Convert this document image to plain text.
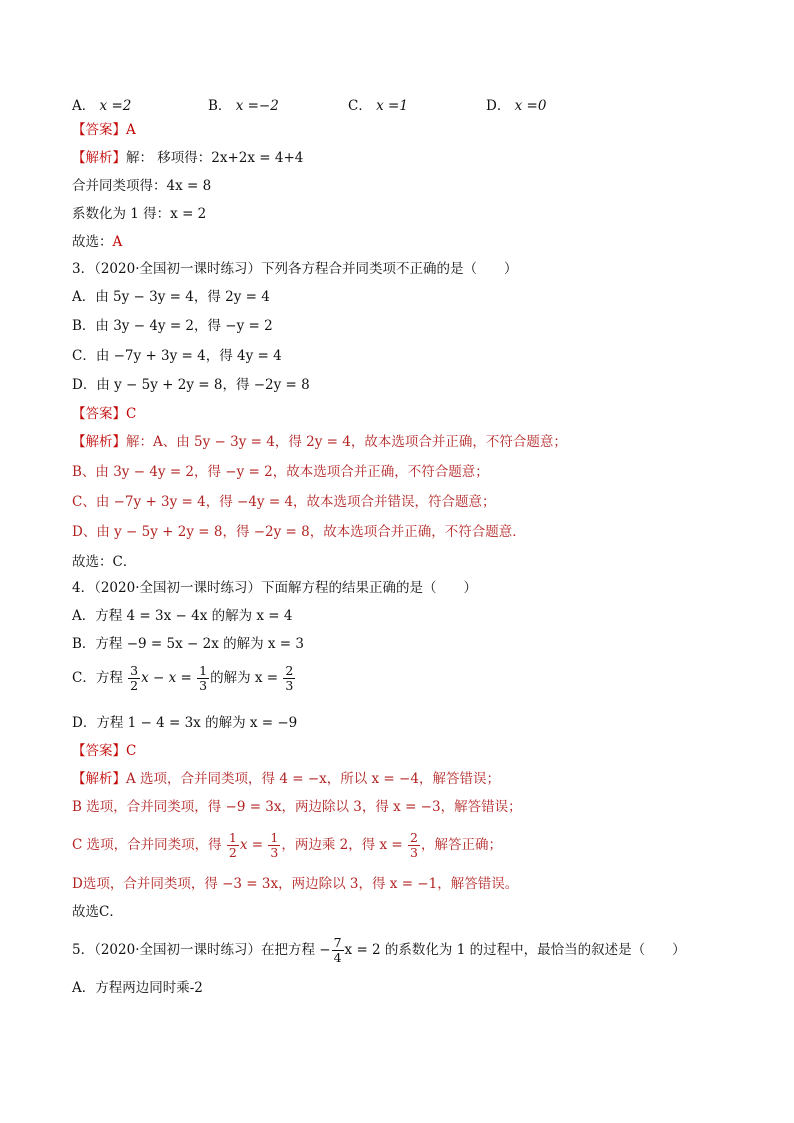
A． x =2	B． x =−2	C． x =1	D． x =0
【答案】A
【解析】解： 移项得：2x+2x = 4+4
合并同类项得：4x = 8
系数化为 1 得：x = 2
故选：A
3．（2020·全国初一课时练习）下列各方程合并同类项不正确的是（　　）
A．由 5y − 3y = 4，得 2y = 4
B．由 3y − 4y = 2，得 −y = 2
C．由 −7y + 3y = 4，得 4y = 4
D．由 y − 5y + 2y = 8，得 −2y = 8
【答案】C
【解析】解：A、由 5y − 3y = 4，得 2y = 4，故本选项合并正确，不符合题意；
B、由 3y − 4y = 2，得 −y = 2，故本选项合并正确，不符合题意；
C、由 −7y + 3y = 4，得 −4y = 4，故本选项合并错误，符合题意；
D、由 y − 5y + 2y = 8，得 −2y = 8，故本选项合并正确，不符合题意．
故选：C．
4．（2020·全国初一课时练习）下面解方程的结果正确的是（　　）
A．方程 4 = 3x − 4x 的解为 x = 4
B．方程 −9 = 5x − 2x 的解为 x = 3
C．方程 $\frac{3}{2}$ $x - x = \frac{1}{3}$ 的解为 $x = \frac{2}{3}$
D．方程 1 − 4 = 3x 的解为 x = −9
【答案】C
【解析】A 选项，合并同类项，得 4 = −x，所以 x = −4，解答错误；
B 选项，合并同类项，得 −9 = 3x，两边除以 3，得 x = −3，解答错误；
C 选项，合并同类项，得 $\frac{1}{2}$ $x = \frac{1}{3}$ ，两边乘 2，得 $x = \frac{2}{3}$ ，解答正确；
D选项，合并同类项，得 −3 = 3x，两边除以 3，得 x = −1，解答错误。
故选C．
5．（2020·全国初一课时练习）在把方程 − $\frac{7}{4}$ x = 2 的系数化为 1 的过程中，最恰当的叙述是（　　）
A．方程两边同时乘-2
